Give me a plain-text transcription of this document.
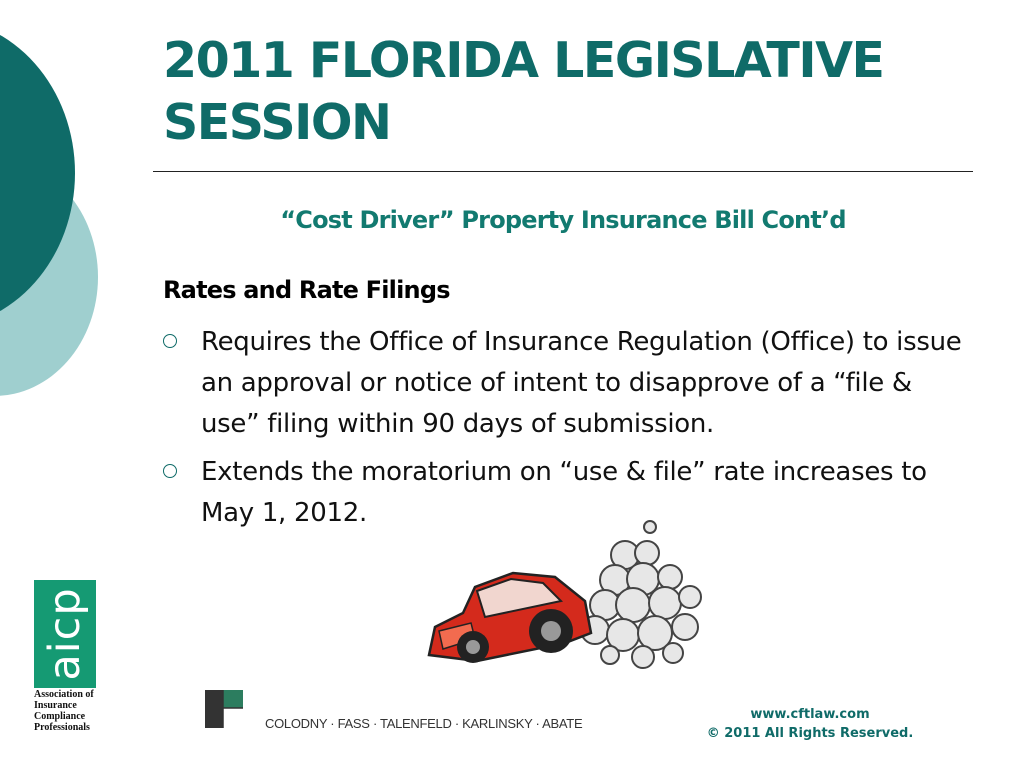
2011 FLORIDA LEGISLATIVE SESSION
“Cost Driver” Property Insurance Bill Cont’d
Rates and Rate Filings
Requires the Office of Insurance Regulation (Office) to issue an approval or notice of intent to disapprove of a “file & use” filing within 90 days of submission.
Extends the moratorium on “use & file” rate increases to May 1, 2012.
aicp
Association of Insurance Compliance Professionals	COLODNY · FASS · TALENFELD · KARLINSKY · ABATE
www.cftlaw.com
© 2011 All Rights Reserved.
